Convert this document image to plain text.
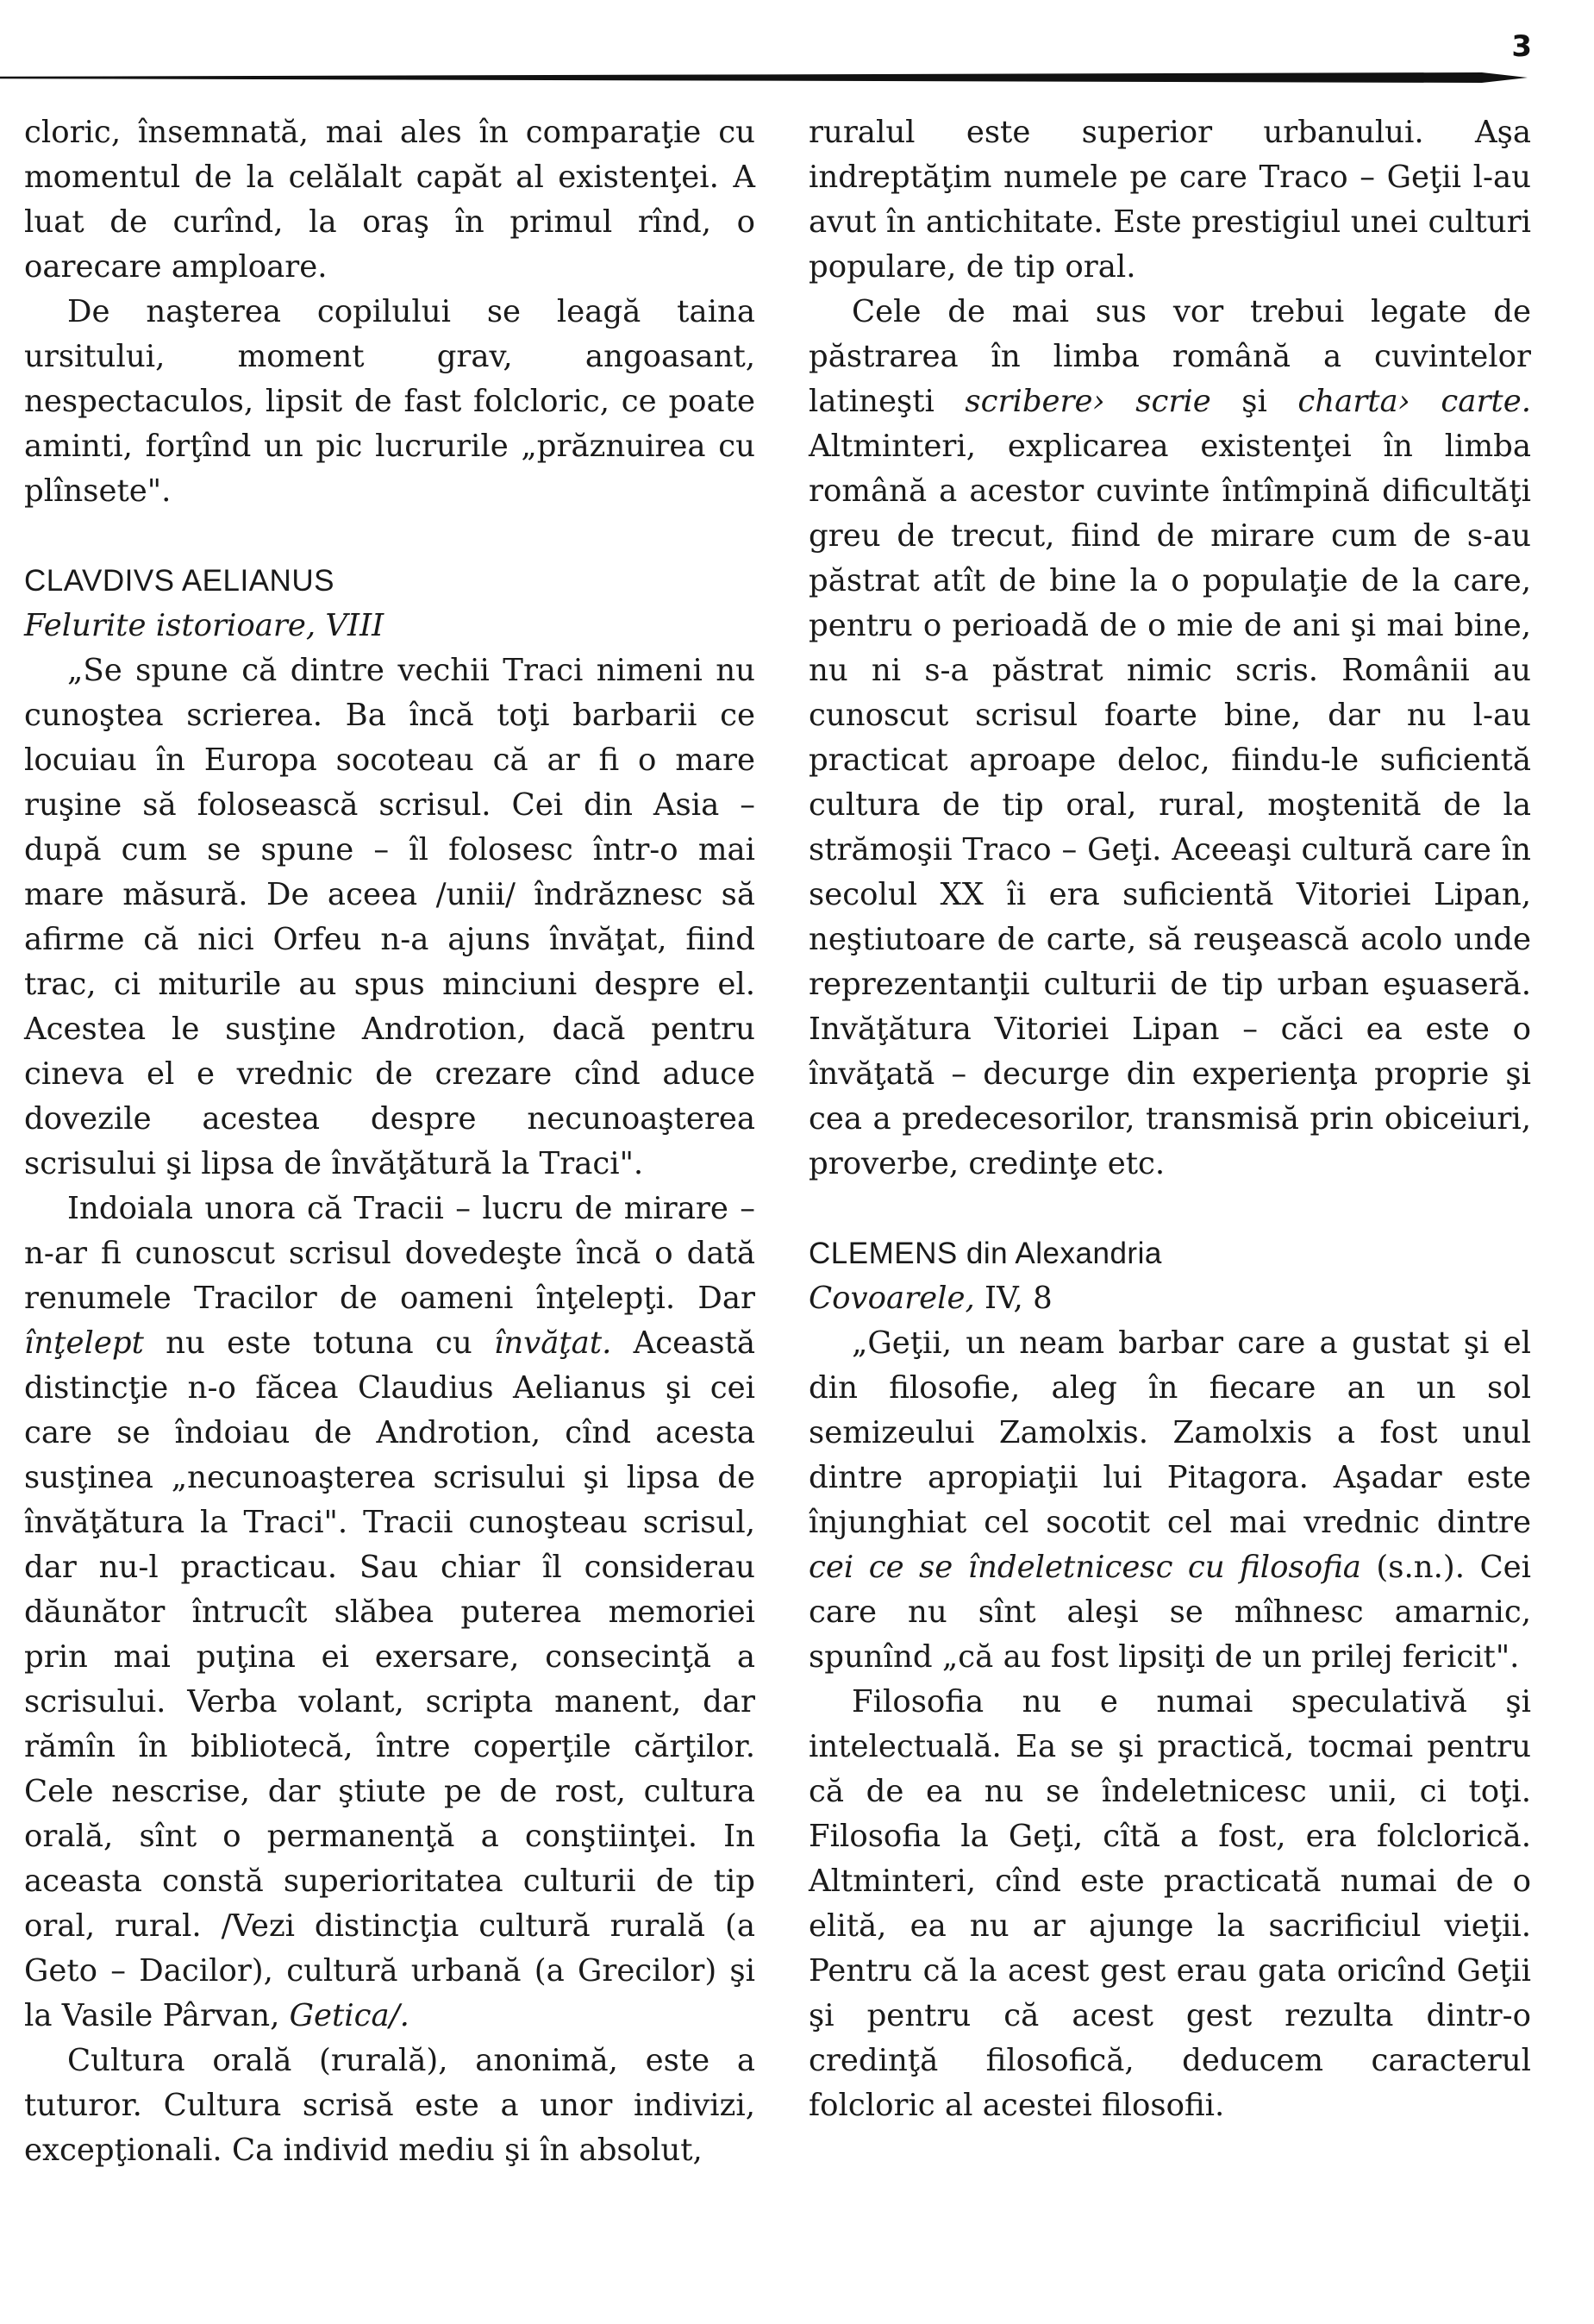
3

cloric, însemnată, mai ales în comparaţie cu momentul de la celălalt capăt al existenţei. A luat de curînd, la oraş în primul rînd, o oarecare amploare.

De naşterea copilului se leagă taina ursitului, moment grav, angoasant, nespectaculos, lipsit de fast folcloric, ce poate aminti, forţînd un pic lucrurile „prăznuirea cu plînsete".

CLAVDIVS AELIANUS

Felurite istorioare, VIII

„Se spune că dintre vechii Traci nimeni nu cunoştea scrierea. Ba încă toţi barbarii ce locuiau în Europa socoteau că ar fi o mare ruşine să folosească scrisul. Cei din Asia – după cum se spune – îl folosesc într-o mai mare măsură. De aceea /unii/ îndrăznesc să afirme că nici Orfeu n-a ajuns învăţat, fiind trac, ci miturile au spus minciuni despre el. Acestea le susţine Androtion, dacă pentru cineva el e vrednic de crezare cînd aduce dovezile acestea despre necunoaşterea scrisului şi lipsa de învăţătură la Traci".

Indoiala unora că Tracii – lucru de mirare – n-ar fi cunoscut scrisul dovedeşte încă o dată renumele Tracilor de oameni înţelepţi. Dar înţelept nu este totuna cu învăţat. Această distincţie n-o făcea Claudius Aelianus şi cei care se îndoiau de Androtion, cînd acesta susţinea „necunoaşterea scrisului şi lipsa de învăţătura la Traci". Tracii cunoşteau scrisul, dar nu-l practicau. Sau chiar îl considerau dăunător întrucît slăbea puterea memoriei prin mai puţina ei exersare, consecinţă a scrisului. Verba volant, scripta manent, dar rămîn în bibliotecă, între coperţile cărţilor. Cele nescrise, dar ştiute pe de rost, cultura orală, sînt o permanenţă a conştiinţei. In aceasta constă superioritatea culturii de tip oral, rural. /Vezi distincţia cultură rurală (a Geto – Dacilor), cultură urbană (a Grecilor) şi la Vasile Pârvan, Getica/.

Cultura orală (rurală), anonimă, este a tuturor. Cultura scrisă este a unor indivizi, excepţionali. Ca individ mediu şi în absolut,

ruralul este superior urbanului. Aşa indreptăţim numele pe care Traco – Geţii l-au avut în antichitate. Este prestigiul unei culturi populare, de tip oral.

Cele de mai sus vor trebui legate de păstrarea în limba română a cuvintelor latineşti scribere› scrie şi charta› carte. Altminteri, explicarea existenţei în limba română a acestor cuvinte întîmpină dificultăţi greu de trecut, fiind de mirare cum de s-au păstrat atît de bine la o populaţie de la care, pentru o perioadă de o mie de ani şi mai bine, nu ni s-a păstrat nimic scris. Românii au cunoscut scrisul foarte bine, dar nu l-au practicat aproape deloc, fiindu-le suficientă cultura de tip oral, rural, moştenită de la strămoşii Traco – Geţi. Aceeaşi cultură care în secolul XX îi era suficientă Vitoriei Lipan, neştiutoare de carte, să reuşească acolo unde reprezentanţii culturii de tip urban eşuaseră. Invăţătura Vitoriei Lipan – căci ea este o învăţată – decurge din experienţa proprie şi cea a predecesorilor, transmisă prin obiceiuri, proverbe, credinţe etc.

CLEMENS din Alexandria

Covoarele, IV, 8

„Geţii, un neam barbar care a gustat şi el din filosofie, aleg în fiecare an un sol semizeului Zamolxis. Zamolxis a fost unul dintre apropiaţii lui Pitagora. Aşadar este înjunghiat cel socotit cel mai vrednic dintre cei ce se îndeletnicesc cu filosofia (s.n.). Cei care nu sînt aleşi se mîhnesc amarnic, spunînd „că au fost lipsiţi de un prilej fericit".

Filosofia nu e numai speculativă şi intelectuală. Ea se şi practică, tocmai pentru că de ea nu se îndeletnicesc unii, ci toţi. Filosofia la Geţi, cîtă a fost, era folclorică. Altminteri, cînd este practicată numai de o elită, ea nu ar ajunge la sacrificiul vieţii. Pentru că la acest gest erau gata oricînd Geţii şi pentru că acest gest rezulta dintr-o credinţă filosofică, deducem caracterul folcloric al acestei filosofii.
